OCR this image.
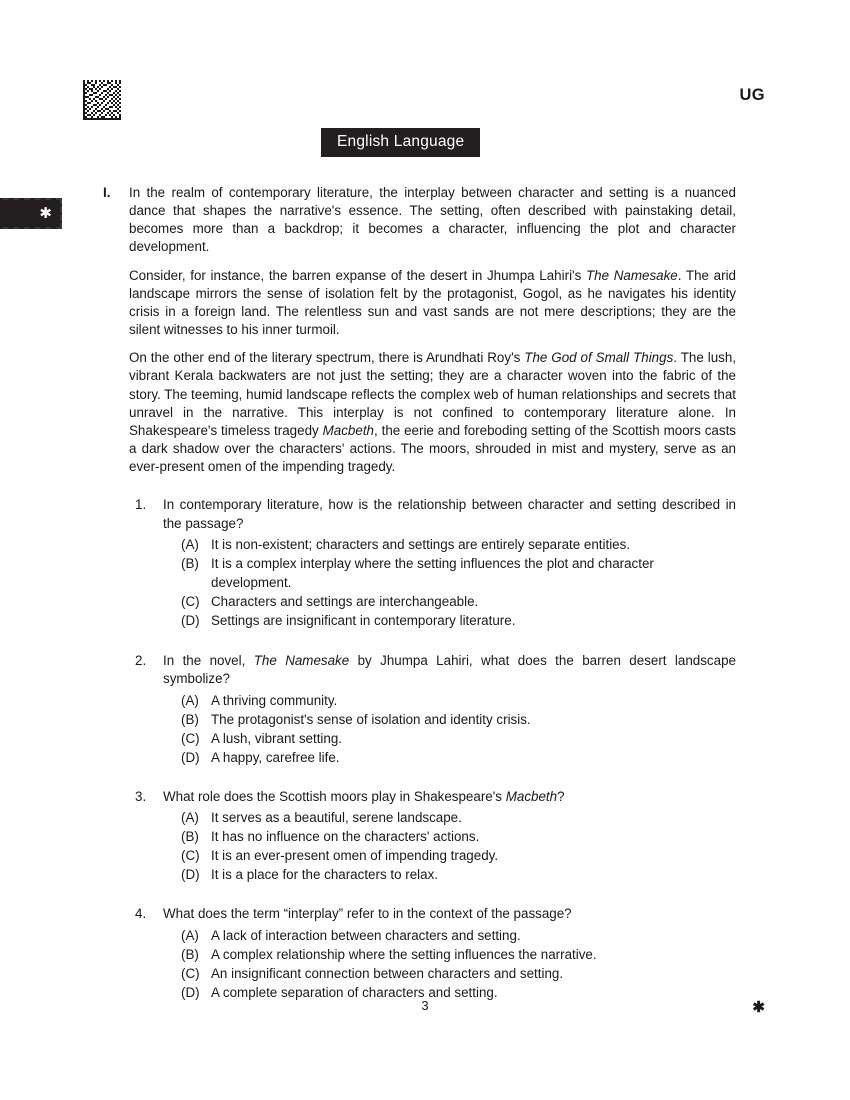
UG
English Language
✱
I.	In the realm of contemporary literature, the interplay between character and setting is a nuanced dance that shapes the narrative's essence. The setting, often described with painstaking detail, becomes more than a backdrop; it becomes a character, influencing the plot and character development.

Consider, for instance, the barren expanse of the desert in Jhumpa Lahiri's The Namesake. The arid landscape mirrors the sense of isolation felt by the protagonist, Gogol, as he navigates his identity crisis in a foreign land. The relentless sun and vast sands are not mere descriptions; they are the silent witnesses to his inner turmoil.

On the other end of the literary spectrum, there is Arundhati Roy's The God of Small Things. The lush, vibrant Kerala backwaters are not just the setting; they are a character woven into the fabric of the story. The teeming, humid landscape reflects the complex web of human relationships and secrets that unravel in the narrative. This interplay is not confined to contemporary literature alone. In Shakespeare's timeless tragedy Macbeth, the eerie and foreboding setting of the Scottish moors casts a dark shadow over the characters' actions. The moors, shrouded in mist and mystery, serve as an ever-present omen of the impending tragedy.

1.	In contemporary literature, how is the relationship between character and setting described in the passage?

(A) It is non-existent; characters and settings are entirely separate entities.
(B) It is a complex interplay where the setting influences the plot and character development.
(C) Characters and settings are interchangeable.
(D) Settings are insignificant in contemporary literature.
2.	In the novel, The Namesake by Jhumpa Lahiri, what does the barren desert landscape symbolize?

(A) A thriving community.
(B) The protagonist's sense of isolation and identity crisis.
(C) A lush, vibrant setting.
(D) A happy, carefree life.
3.	What role does the Scottish moors play in Shakespeare's Macbeth?

(A) It serves as a beautiful, serene landscape.
(B) It has no influence on the characters' actions.
(C) It is an ever-present omen of impending tragedy.
(D) It is a place for the characters to relax.
4.	What does the term “interplay” refer to in the context of the passage?

(A) A lack of interaction between characters and setting.
(B) A complex relationship where the setting influences the narrative.
(C) An insignificant connection between characters and setting.
(D) A complete separation of characters and setting.
3	✱
